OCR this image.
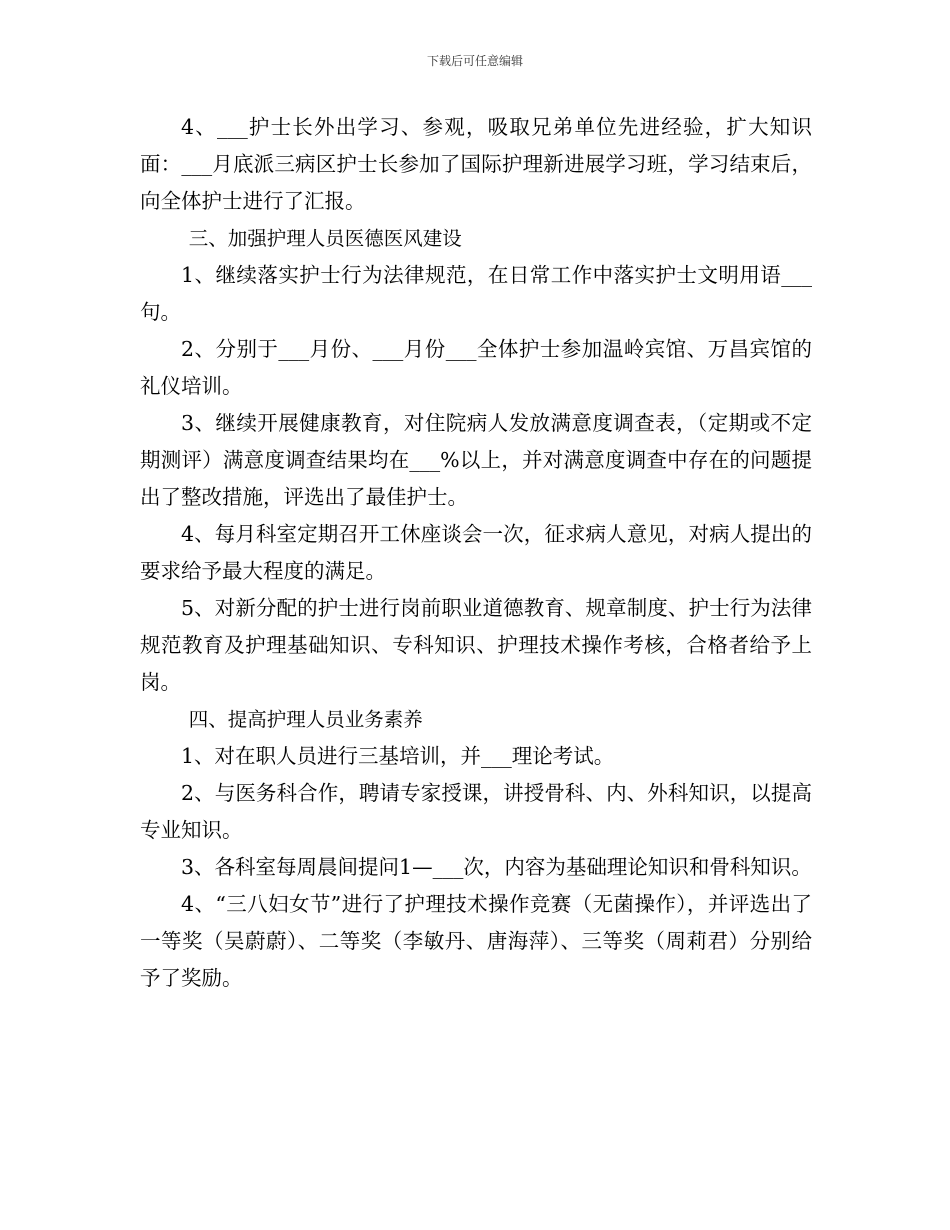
下载后可任意编辑

4、___护士长外出学习、参观，吸取兄弟单位先进经验，扩大知识面：___月底派三病区护士长参加了国际护理新进展学习班，学习结束后，向全体护士进行了汇报。

三、加强护理人员医德医风建设

1、继续落实护士行为法律规范，在日常工作中落实护士文明用语___句。

2、分别于___月份、___月份___全体护士参加温岭宾馆、万昌宾馆的礼仪培训。

3、继续开展健康教育，对住院病人发放满意度调查表，（定期或不定期测评）满意度调查结果均在___%以上，并对满意度调查中存在的问题提出了整改措施，评选出了最佳护士。

4、每月科室定期召开工休座谈会一次，征求病人意见，对病人提出的要求给予最大程度的满足。

5、对新分配的护士进行岗前职业道德教育、规章制度、护士行为法律规范教育及护理基础知识、专科知识、护理技术操作考核，合格者给予上岗。

四、提高护理人员业务素养

1、对在职人员进行三基培训，并___理论考试。

2、与医务科合作，聘请专家授课，讲授骨科、内、外科知识，以提高专业知识。

3、各科室每周晨间提问1—___次，内容为基础理论知识和骨科知识。

4、“三八妇女节”进行了护理技术操作竞赛（无菌操作），并评选出了一等奖（吴蔚蔚）、二等奖（李敏丹、唐海萍）、三等奖（周莉君）分别给予了奖励。
